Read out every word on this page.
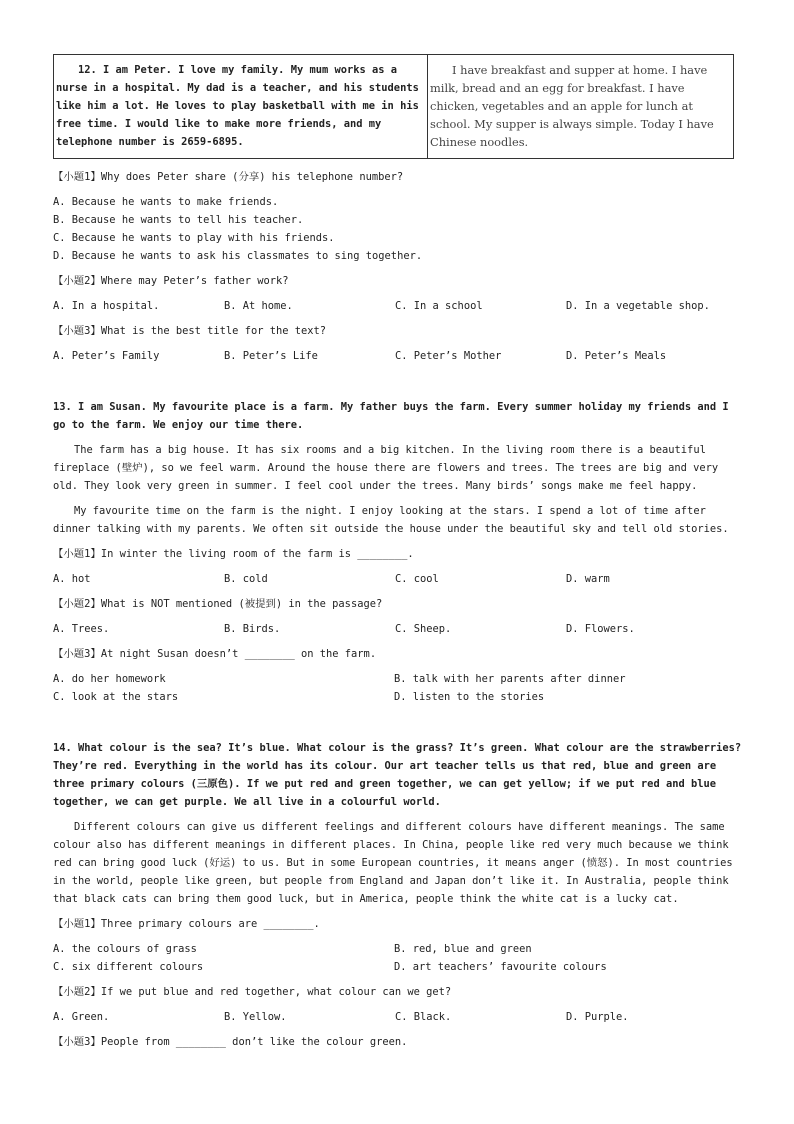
12. I am Peter. I love my family. My mum works as a nurse in a hospital. My dad is a teacher, and his students like him a lot. He loves to play basketball with me in his free time. I would like to make more friends, and my telephone number is 2659-6895.
I have breakfast and supper at home. I have milk, bread and an egg for breakfast. I have chicken, vegetables and an apple for lunch at school. My supper is always simple. Today I have Chinese noodles.
【小题1】Why does Peter share (分享) his telephone number?
A. Because he wants to make friends.
B. Because he wants to tell his teacher.
C. Because he wants to play with his friends.
D. Because he wants to ask his classmates to sing together.
【小题2】Where may Peter’s father work?
A. In a hospital.	B. At home.	C. In a school	D. In a vegetable shop.
【小题3】What is the best title for the text?
A. Peter’s Family	B. Peter’s Life	C. Peter’s Mother	D. Peter’s Meals
13. I am Susan. My favourite place is a farm. My father buys the farm. Every summer holiday my friends and I go to the farm. We enjoy our time there.
The farm has a big house. It has six rooms and a big kitchen. In the living room there is a beautiful fireplace (壁炉), so we feel warm. Around the house there are flowers and trees. The trees are big and very old. They look very green in summer. I feel cool under the trees. Many birds’ songs make me feel happy.
My favourite time on the farm is the night. I enjoy looking at the stars. I spend a lot of time after dinner talking with my parents. We often sit outside the house under the beautiful sky and tell old stories.
【小题1】In winter the living room of the farm is ________.
A. hot	B. cold	C. cool	D. warm
【小题2】What is NOT mentioned (被提到) in the passage?
A. Trees.	B. Birds.	C. Sheep.	D. Flowers.
【小题3】At night Susan doesn’t ________ on the farm.
A. do her homework	B. talk with her parents after dinner
C. look at the stars	D. listen to the stories
14. What colour is the sea? It’s blue. What colour is the grass? It’s green. What colour are the strawberries? They’re red. Everything in the world has its colour. Our art teacher tells us that red, blue and green are three primary colours (三原色). If we put red and green together, we can get yellow; if we put red and blue together, we can get purple. We all live in a colourful world.
Different colours can give us different feelings and different colours have different meanings. The same colour also has different meanings in different places. In China, people like red very much because we think red can bring good luck (好运) to us. But in some European countries, it means anger (愤怒). In most countries in the world, people like green, but people from England and Japan don’t like it. In Australia, people think that black cats can bring them good luck, but in America, people think the white cat is a lucky cat.
【小题1】Three primary colours are ________.
A. the colours of grass	B. red, blue and green
C. six different colours	D. art teachers’ favourite colours
【小题2】If we put blue and red together, what colour can we get?
A. Green.	B. Yellow.	C. Black.	D. Purple.
【小题3】People from ________ don’t like the colour green.
